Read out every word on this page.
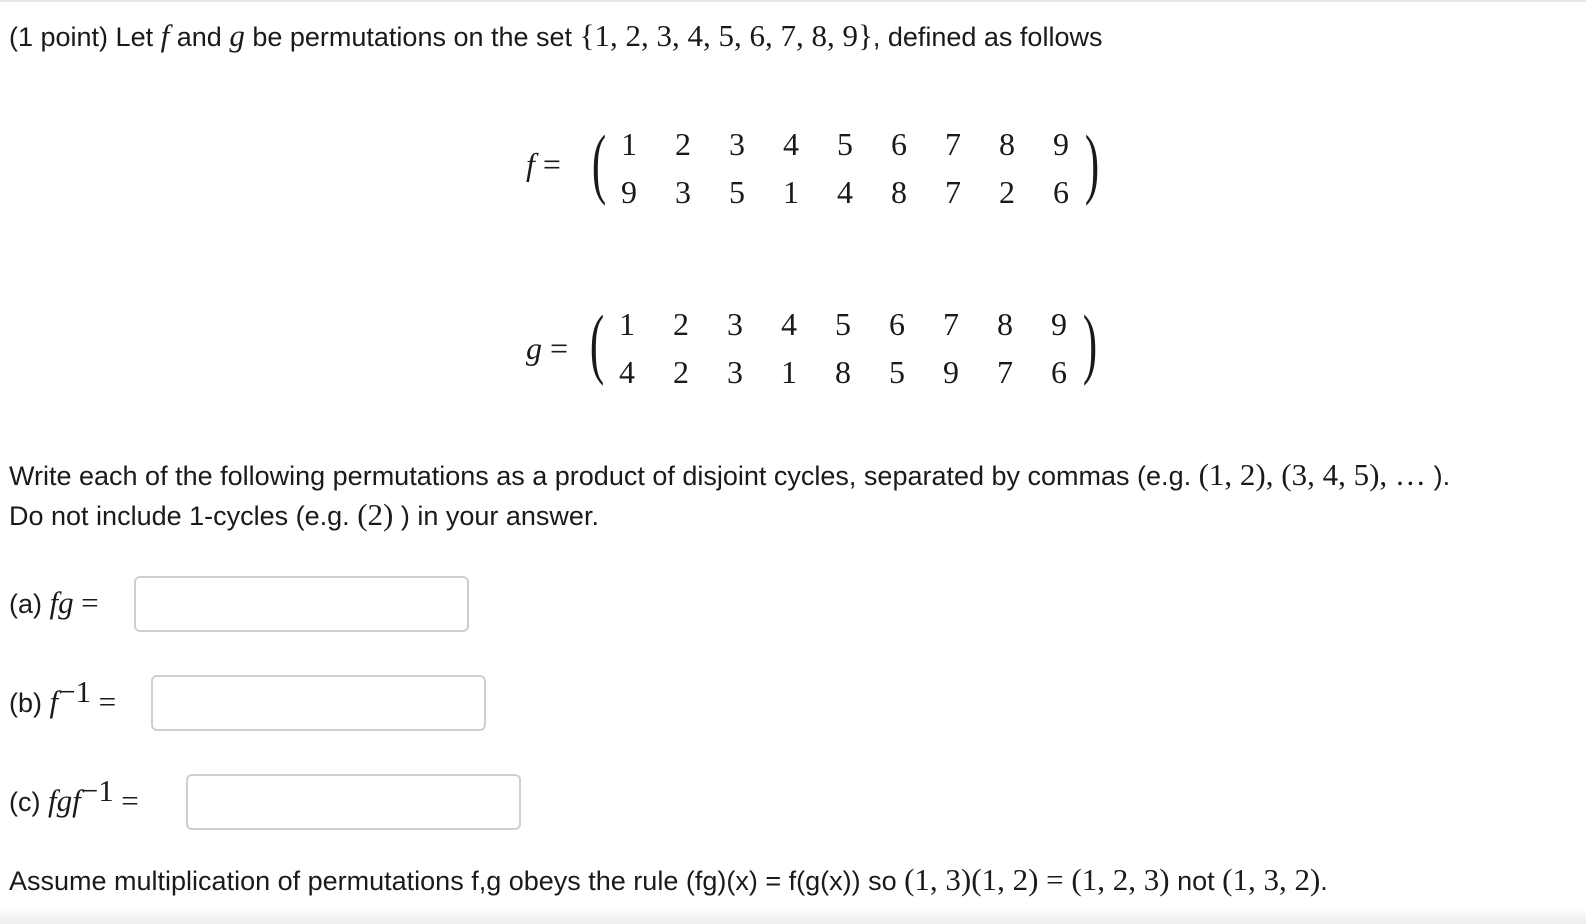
(1 point) Let f and g be permutations on the set {1, 2, 3, 4, 5, 6, 7, 8, 9}, defined as follows
f = ( 1	2	3	4	5	6	7	8	9
9	3	5	1	4	8	7	2	6 )
g = ( 1	2	3	4	5	6	7	8	9
4	2	3	1	8	5	9	7	6 )
Write each of the following permutations as a product of disjoint cycles, separated by commas (e.g. (1, 2), (3, 4, 5), … ).
Do not include 1-cycles (e.g. (2) ) in your answer.
(a) fg =
(b) $f^{-1}$ =
(c) fgf$^{-1}$ =
Assume multiplication of permutations f,g obeys the rule (fg)(x) = f(g(x)) so (1, 3)(1, 2) = (1, 2, 3) not (1, 3, 2).
